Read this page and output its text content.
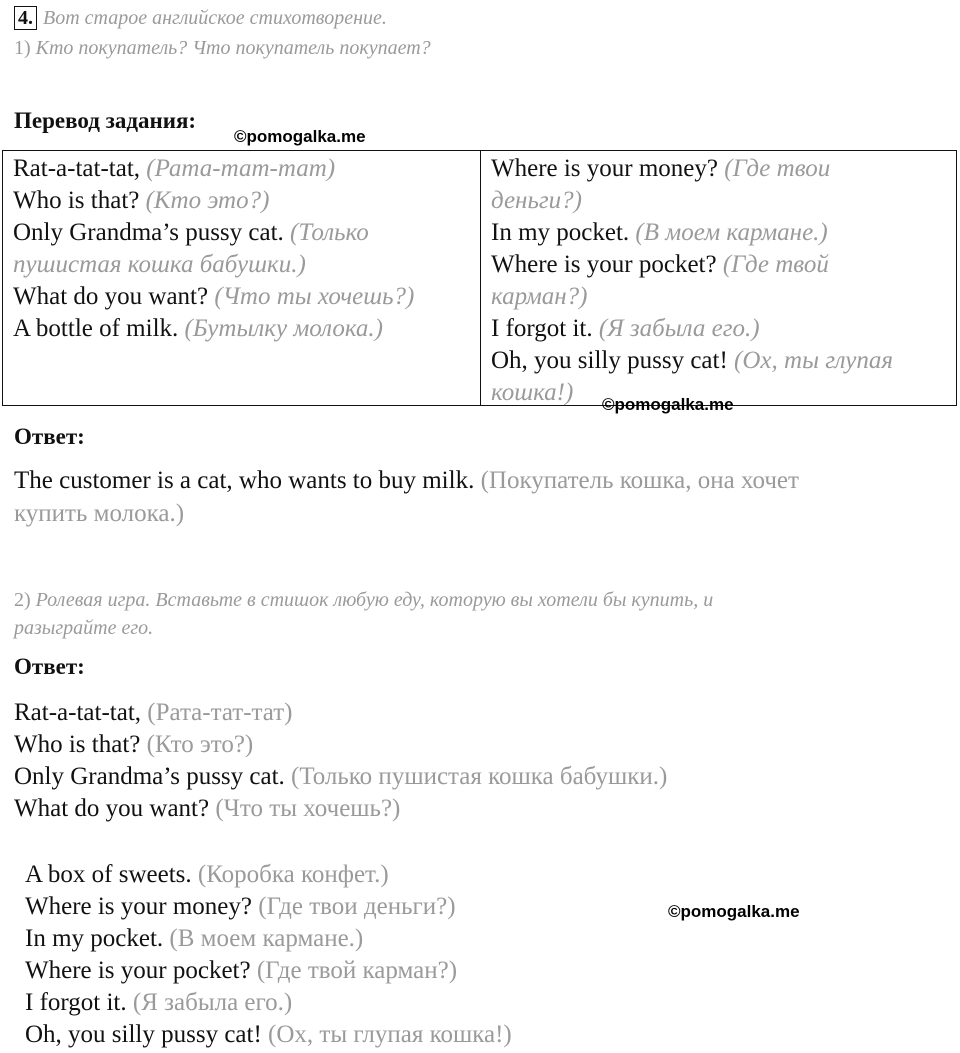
4. Вот старое английское стихотворение.
1) Кто покупатель? Что покупатель покупает?
Перевод задания:
©pomogalka.me
Rat-a-tat-tat, (Рата-тат-тат)
Who is that? (Кто это?)
Only Grandma’s pussy cat. (Только
пушистая кошка бабушки.)
What do you want? (Что ты хочешь?)
A bottle of milk. (Бутылку молока.)
Where is your money? (Где твои
деньги?)
In my pocket. (В моем кармане.)
Where is your pocket? (Где твой
карман?)
I forgot it. (Я забыла его.)
Oh, you silly pussy cat! (Ох, ты глупая
кошка!)	©pomogalka.me
Ответ:
The customer is a cat, who wants to buy milk. (Покупатель кошка, она хочет
купить молока.)
2) Ролевая игра. Вставьте в стишок любую еду, которую вы хотели бы купить, и
разыграйте его.
Ответ:
Rat-a-tat-tat, (Рата-тат-тат)
Who is that? (Кто это?)
Only Grandma’s pussy cat. (Только пушистая кошка бабушки.)
What do you want? (Что ты хочешь?)
A box of sweets. (Коробка конфет.)
Where is your money? (Где твои деньги?)
In my pocket. (В моем кармане.)
Where is your pocket? (Где твой карман?)
I forgot it. (Я забыла его.)
Oh, you silly pussy cat! (Ох, ты глупая кошка!)
©pomogalka.me
